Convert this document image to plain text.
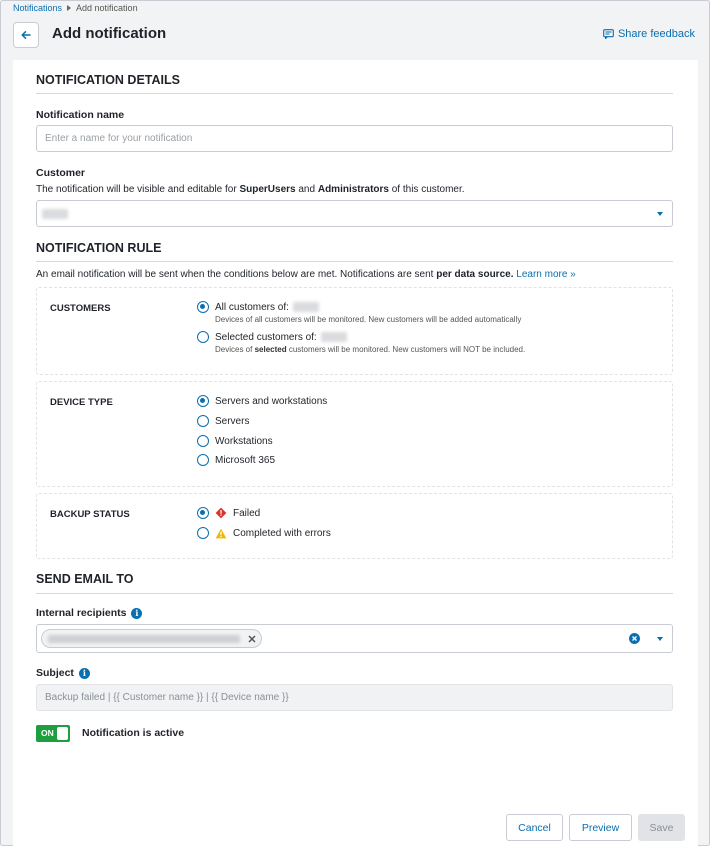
Notifications Add notification
Add notification	Share feedback
NOTIFICATION DETAILS
Notification name
Enter a name for your notification
Customer
The notification will be visible and editable for SuperUsers and Administrators of this customer.
NOTIFICATION RULE
An email notification will be sent when the conditions below are met. Notifications are sent per data source. Learn more »
CUSTOMERS	All customers of:
Devices of all customers will be monitored. New customers will be added automatically
Selected customers of:
Devices of selected customers will be monitored. New customers will NOT be included.
DEVICE TYPE	Servers and workstations
Servers
Workstations
Microsoft 365
BACKUP STATUS	Failed
Completed with errors
SEND EMAIL TO
Internal recipients i
Subject i
Backup failed | {{ Customer name }} | {{ Device name }}
ON	Notification is active
Cancel	Preview	Save
